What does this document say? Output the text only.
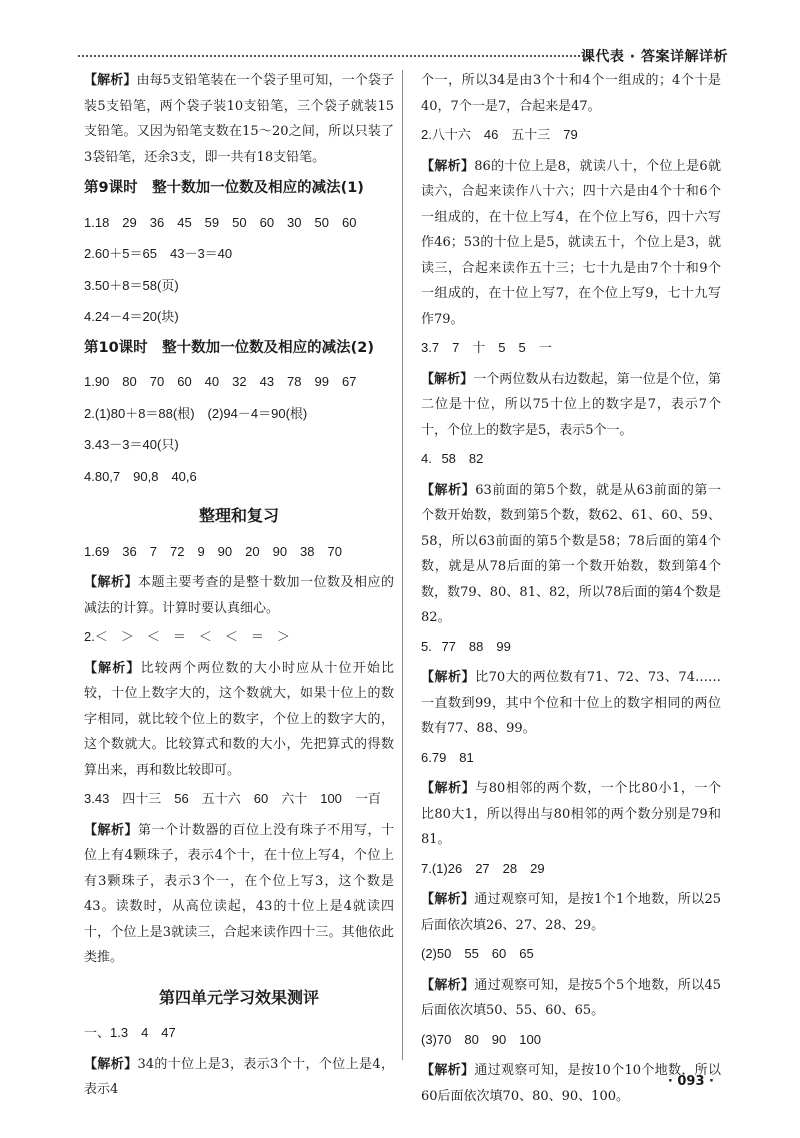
课代表 · 答案详解详析

【解析】由每5支铅笔装在一个袋子里可知，一个袋子装5支铅笔，两个袋子装10支铅笔，三个袋子就装15支铅笔。又因为铅笔支数在15～20之间，所以只装了3袋铅笔，还余3支，即一共有18支铅笔。

第9课时　整十数加一位数及相应的减法(1)

1.18　29　36　45　59　50　60　30　50　60

2.60＋5＝65　43－3＝40

3.50＋8＝58(页)

4.24－4＝20(块)

第10课时　整十数加一位数及相应的减法(2)

1.90　80　70　60　40　32　43　78　99　67

2.(1)80＋8＝88(根)　(2)94－4＝90(根)

3.43－3＝40(只)

4.80,7　90,8　40,6

整理和复习

1.69　36　7　72　9　90　20　90　38　70

【解析】本题主要考查的是整十数加一位数及相应的减法的计算。计算时要认真细心。

2.＜　＞　＜　＝　＜　＜　＝　＞

【解析】比较两个两位数的大小时应从十位开始比较，十位上数字大的，这个数就大，如果十位上的数字相同，就比较个位上的数字，个位上的数字大的，这个数就大。比较算式和数的大小，先把算式的得数算出来，再和数比较即可。

3.43　四十三　56　五十六　60　六十　100　一百

【解析】第一个计数器的百位上没有珠子不用写，十位上有4颗珠子，表示4个十，在十位上写4，个位上有3颗珠子，表示3个一，在个位上写3，这个数是43。读数时，从高位读起，43的十位上是4就读四十，个位上是3就读三，合起来读作四十三。其他依此类推。

第四单元学习效果测评

一、1.3　4　47

【解析】34的十位上是3，表示3个十，个位上是4，表示4

个一，所以34是由3个十和4个一组成的；4个十是40，7个一是7，合起来是47。

2.八十六　46　五十三　79

【解析】86的十位上是8，就读八十，个位上是6就读六，合起来读作八十六；四十六是由4个十和6个一组成的，在十位上写4，在个位上写6，四十六写作46；53的十位上是5，就读五十，个位上是3，就读三，合起来读作五十三；七十九是由7个十和9个一组成的，在十位上写7，在个位上写9，七十九写作79。

3.7　7　十　5　5　一

【解析】一个两位数从右边数起，第一位是个位，第二位是十位，所以75十位上的数字是7，表示7个十，个位上的数字是5，表示5个一。

4. 58　82

【解析】63前面的第5个数，就是从63前面的第一个数开始数，数到第5个数，数62、61、60、59、58，所以63前面的第5个数是58；78后面的第4个数，就是从78后面的第一个数开始数，数到第4个数，数79、80、81、82，所以78后面的第4个数是82。

5. 77　88　99

【解析】比70大的两位数有71、72、73、74……一直数到99，其中个位和十位上的数字相同的两位数有77、88、99。

6.79　81

【解析】与80相邻的两个数，一个比80小1，一个比80大1，所以得出与80相邻的两个数分别是79和81。

7.(1)26　27　28　29

【解析】通过观察可知，是按1个1个地数，所以25后面依次填26、27、28、29。

(2)50　55　60　65

【解析】通过观察可知，是按5个5个地数，所以45后面依次填50、55、60、65。

(3)70　80　90　100

【解析】通过观察可知，是按10个10个地数，所以60后面依次填70、80、90、100。

· 093 ·
